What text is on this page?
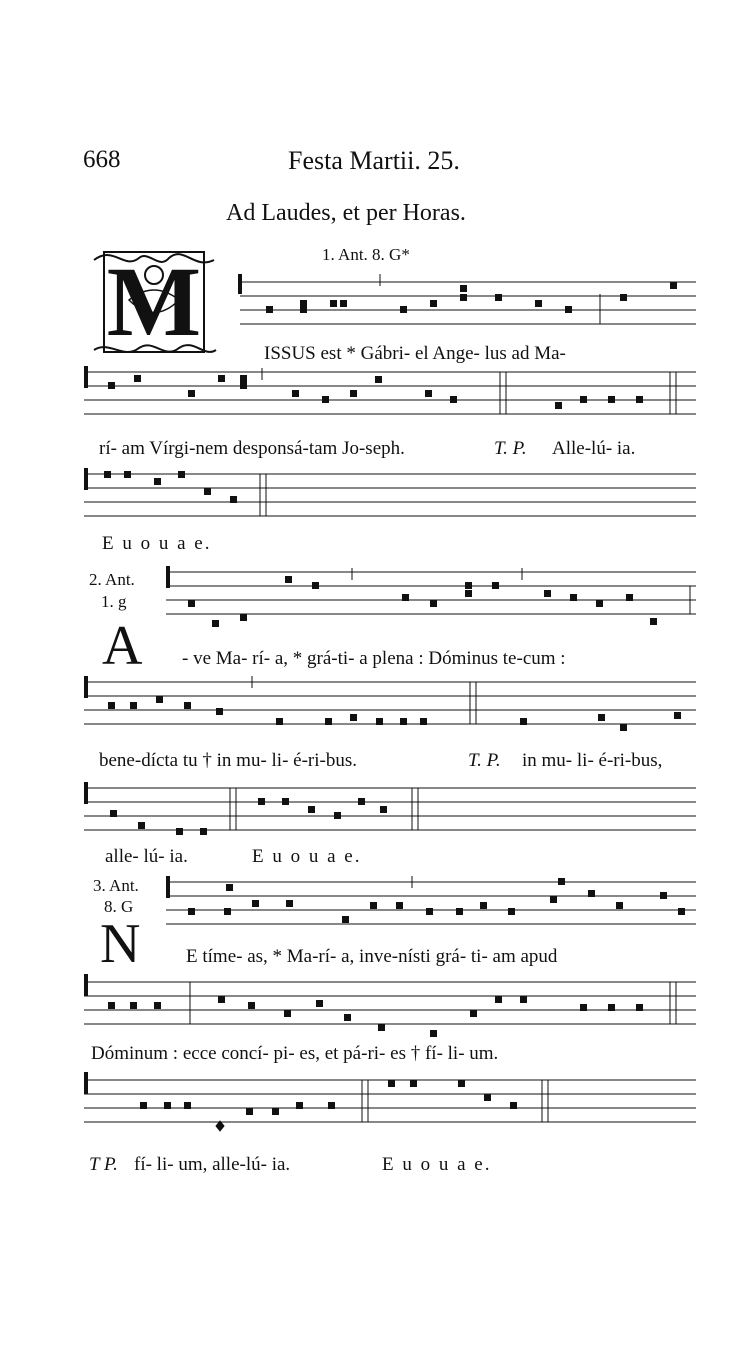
668	Festa Martii. 25.
Ad Laudes, et per Horas.
1. Ant. 8. G*
M	ISSUS est * Gábri- el Ange- lus ad Ma-
rí- am Vírgi-nem desponsá-tam Jo-seph.	T. P. Alle-lú- ia.
E u o u a e.
2. Ant.
1. g
A - ve Ma- rí- a, * grá-ti- a plena : Dóminus te-cum :
bene-dícta tu † in mu- li- é-ri-bus.	T. P. in mu- li- é-ri-bus,
alle- lú- ia.	E u o u a e.
3. Ant.
8. G
N E tíme- as, * Ma-rí- a, inve-nísti grá- ti- am apud
Dóminum : ecce concí- pi- es, et pá-ri- es † fí- li- um.
T P. fí- li- um, alle-lú- ia.	E u o u a e.
